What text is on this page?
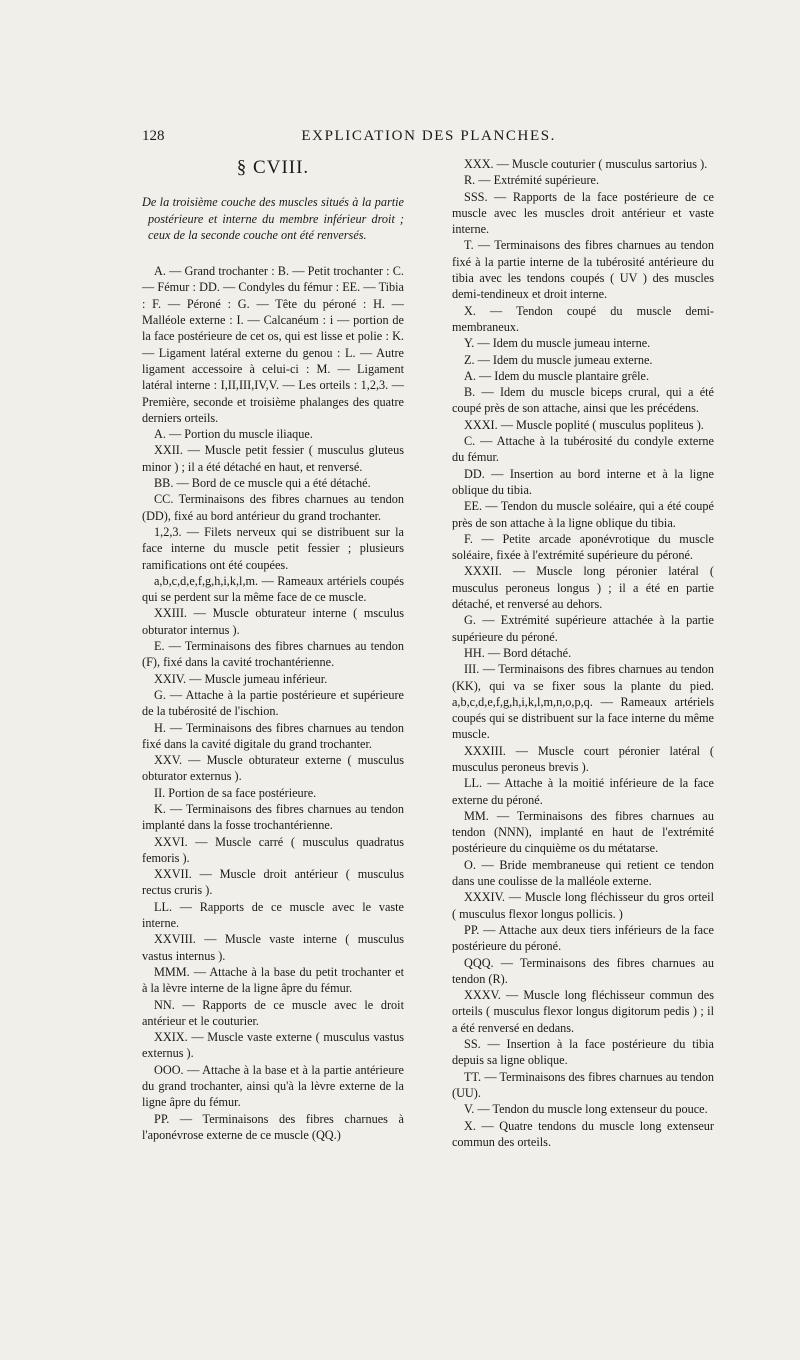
128	EXPLICATION DES PLANCHES.
§ CVIII.

De la troisième couche des muscles situés à la partie postérieure et interne du membre inférieur droit ; ceux de la seconde couche ont été renversés.

A. — Grand trochanter : B. — Petit trochanter : C. — Fémur : DD. — Condyles du fémur : EE. — Tibia : F. — Péroné : G. — Tête du péroné : H. — Malléole externe : I. — Calcanéum : i — portion de la face postérieure de cet os, qui est lisse et polie : K. — Ligament latéral externe du genou : L. — Autre ligament accessoire à celui-ci : M. — Ligament latéral interne : I,II,III,IV,V. — Les orteils : 1,2,3. — Première, seconde et troisième phalanges des quatre derniers orteils.

A. — Portion du muscle iliaque.

XXII. — Muscle petit fessier ( musculus gluteus minor ) ; il a été détaché en haut, et renversé.

BB. — Bord de ce muscle qui a été détaché.

CC. Terminaisons des fibres charnues au tendon (DD), fixé au bord antérieur du grand trochanter.

1,2,3. — Filets nerveux qui se distribuent sur la face interne du muscle petit fessier ; plusieurs ramifications ont été coupées.

a,b,c,d,e,f,g,h,i,k,l,m. — Rameaux artériels coupés qui se perdent sur la même face de ce muscle.

XXIII. — Muscle obturateur interne ( msculus obturator internus ).

E. — Terminaisons des fibres charnues au tendon (F), fixé dans la cavité trochantérienne.

XXIV. — Muscle jumeau inférieur.

G. — Attache à la partie postérieure et supérieure de la tubérosité de l'ischion.

H. — Terminaisons des fibres charnues au tendon fixé dans la cavité digitale du grand trochanter.

XXV. — Muscle obturateur externe ( musculus obturator externus ).

II. Portion de sa face postérieure.

K. — Terminaisons des fibres charnues au tendon implanté dans la fosse trochantérienne.

XXVI. — Muscle carré ( musculus quadratus femoris ).

XXVII. — Muscle droit antérieur ( musculus rectus cruris ).

LL. — Rapports de ce muscle avec le vaste interne.

XXVIII. — Muscle vaste interne ( musculus vastus internus ).

MMM. — Attache à la base du petit trochanter et à la lèvre interne de la ligne âpre du fémur.

NN. — Rapports de ce muscle avec le droit antérieur et le couturier.

XXIX. — Muscle vaste externe ( musculus vastus externus ).

OOO. — Attache à la base et à la partie antérieure du grand trochanter, ainsi qu'à la lèvre externe de la ligne âpre du fémur.

PP. — Terminaisons des fibres charnues à l'aponévrose externe de ce muscle (QQ.)

XXX. — Muscle couturier ( musculus sartorius ).

R. — Extrémité supérieure.

SSS. — Rapports de la face postérieure de ce muscle avec les muscles droit antérieur et vaste interne.

T. — Terminaisons des fibres charnues au tendon fixé à la partie interne de la tubérosité antérieure du tibia avec les tendons coupés ( UV ) des muscles demi-tendineux et droit interne.

X. — Tendon coupé du muscle demi-membraneux.

Y. — Idem du muscle jumeau interne.

Z. — Idem du muscle jumeau externe.

A. — Idem du muscle plantaire grêle.

B. — Idem du muscle biceps crural, qui a été coupé près de son attache, ainsi que les précédens.

XXXI. — Muscle poplité ( musculus popliteus ).

C. — Attache à la tubérosité du condyle externe du fémur.

DD. — Insertion au bord interne et à la ligne oblique du tibia.

EE. — Tendon du muscle soléaire, qui a été coupé près de son attache à la ligne oblique du tibia.

F. — Petite arcade aponévrotique du muscle soléaire, fixée à l'extrémité supérieure du péroné.

XXXII. — Muscle long péronier latéral ( musculus peroneus longus ) ; il a été en partie détaché, et renversé au dehors.

G. — Extrémité supérieure attachée à la partie supérieure du péroné.

HH. — Bord détaché.

III. — Terminaisons des fibres charnues au tendon (KK), qui va se fixer sous la plante du pied. a,b,c,d,e,f,g,h,i,k,l,m,n,o,p,q. — Rameaux artériels coupés qui se distribuent sur la face interne du même muscle.

XXXIII. — Muscle court péronier latéral ( musculus peroneus brevis ).

LL. — Attache à la moitié inférieure de la face externe du péroné.

MM. — Terminaisons des fibres charnues au tendon (NNN), implanté en haut de l'extrémité postérieure du cinquième os du métatarse.

O. — Bride membraneuse qui retient ce tendon dans une coulisse de la malléole externe.

XXXIV. — Muscle long fléchisseur du gros orteil ( musculus flexor longus pollicis. )

PP. — Attache aux deux tiers inférieurs de la face postérieure du péroné.

QQQ. — Terminaisons des fibres charnues au tendon (R).

XXXV. — Muscle long fléchisseur commun des orteils ( musculus flexor longus digitorum pedis ) ; il a été renversé en dedans.

SS. — Insertion à la face postérieure du tibia depuis sa ligne oblique.

TT. — Terminaisons des fibres charnues au tendon (UU).

V. — Tendon du muscle long extenseur du pouce.

X. — Quatre tendons du muscle long extenseur commun des orteils.
